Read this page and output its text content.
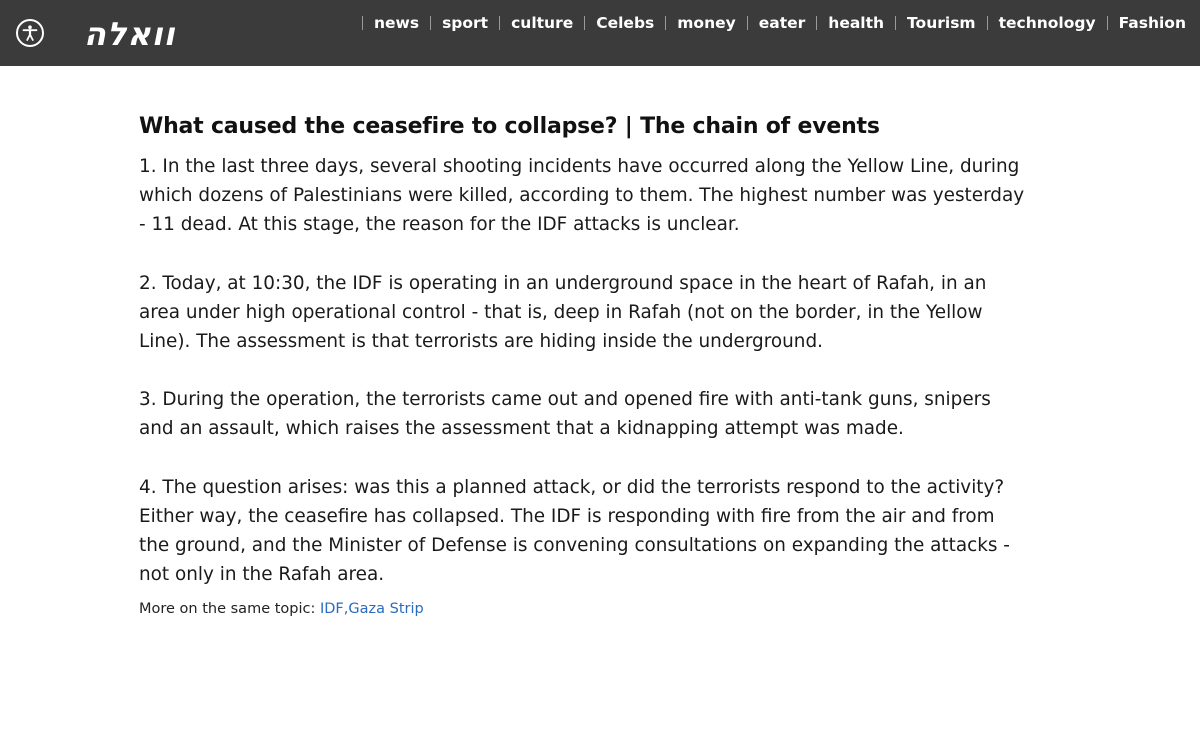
וואלה	news sport culture Celebs money eater health Tourism technology Fashion
What caused the ceasefire to collapse? | The chain of events

1. In the last three days, several shooting incidents have occurred along the Yellow Line, during which dozens of Palestinians were killed, according to them. The highest number was yesterday - 11 dead. At this stage, the reason for the IDF attacks is unclear.

2. Today, at 10:30, the IDF is operating in an underground space in the heart of Rafah, in an area under high operational control - that is, deep in Rafah (not on the border, in the Yellow Line). The assessment is that terrorists are hiding inside the underground.

3. During the operation, the terrorists came out and opened fire with anti-tank guns, snipers and an assault, which raises the assessment that a kidnapping attempt was made.

4. The question arises: was this a planned attack, or did the terrorists respond to the activity? Either way, the ceasefire has collapsed. The IDF is responding with fire from the air and from the ground, and the Minister of Defense is convening consultations on expanding the attacks - not only in the Rafah area.

More on the same topic: IDF,Gaza Strip
